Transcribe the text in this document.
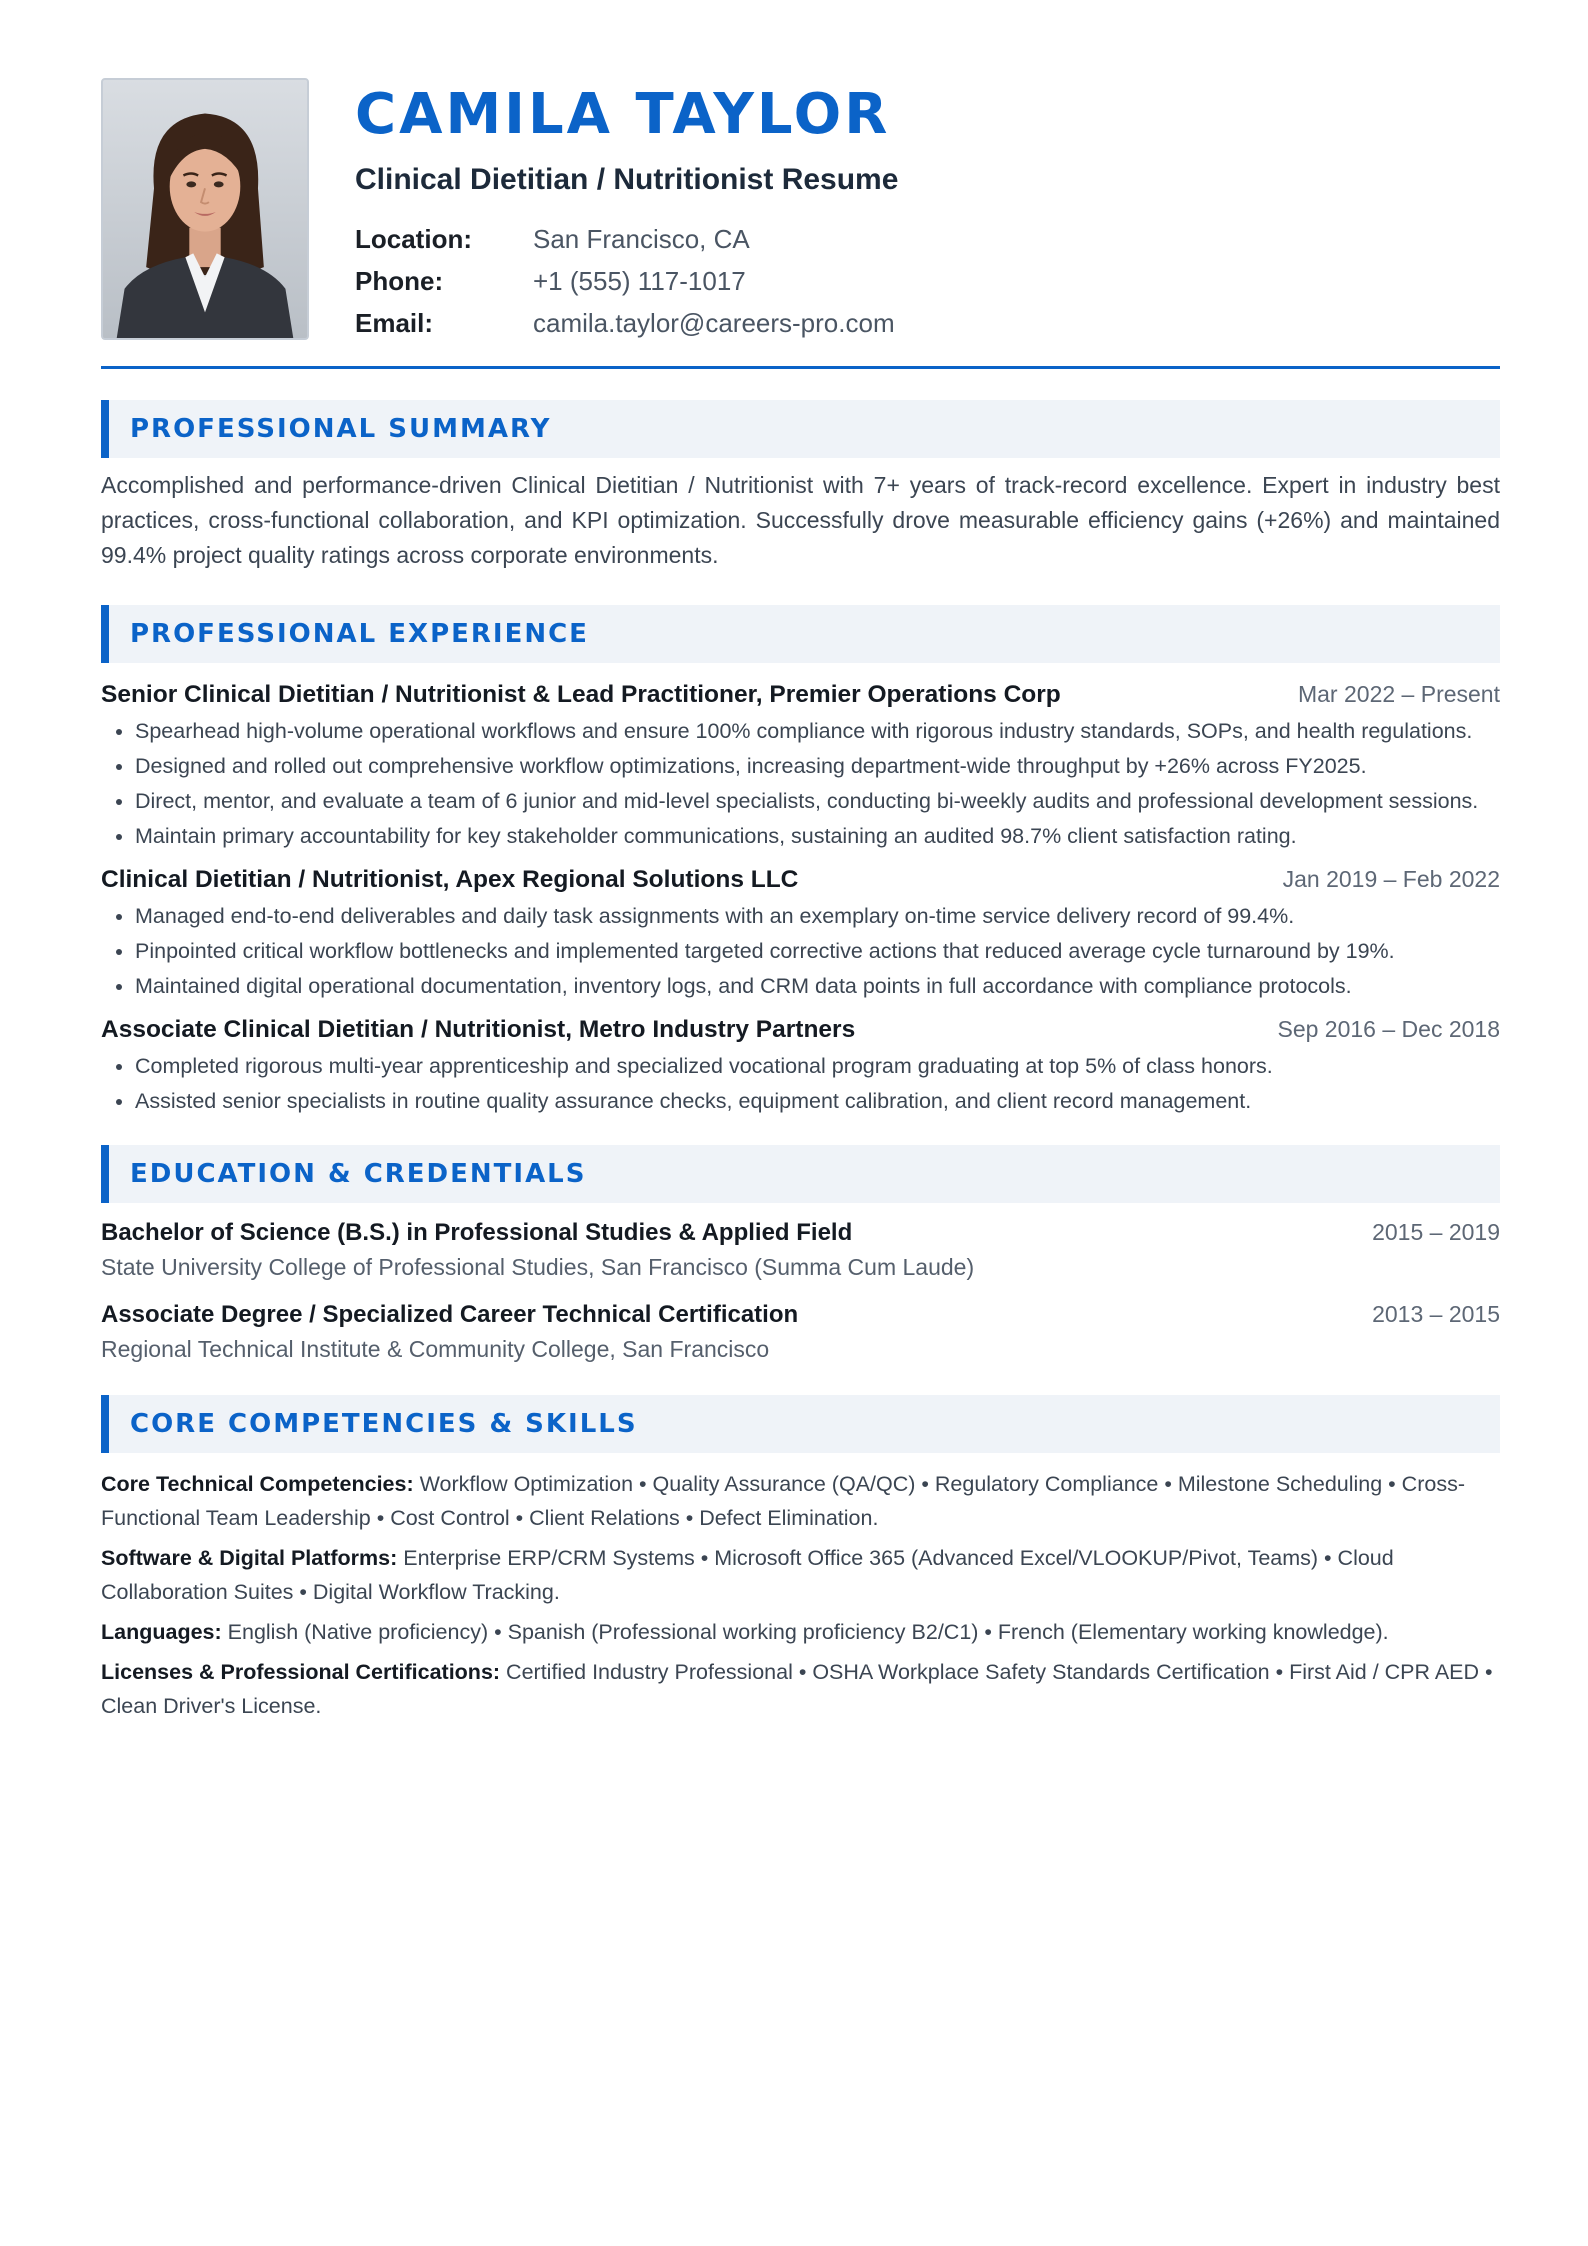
CAMILA TAYLOR
Clinical Dietitian / Nutritionist Resume
Location:	San Francisco, CA
Phone:	+1 (555) 117-1017
Email:	camila.taylor@careers-pro.com
PROFESSIONAL SUMMARY
Accomplished and performance-driven Clinical Dietitian / Nutritionist with 7+ years of track-record excellence. Expert in industry best practices, cross-functional collaboration, and KPI optimization. Successfully drove measurable efficiency gains (+26%) and maintained 99.4% project quality ratings across corporate environments.
PROFESSIONAL EXPERIENCE
Senior Clinical Dietitian / Nutritionist & Lead Practitioner, Premier Operations Corp	Mar 2022 – Present
• Spearhead high-volume operational workflows and ensure 100% compliance with rigorous industry standards, SOPs, and health regulations.
• Designed and rolled out comprehensive workflow optimizations, increasing department-wide throughput by +26% across FY2025.
• Direct, mentor, and evaluate a team of 6 junior and mid-level specialists, conducting bi-weekly audits and professional development sessions.
• Maintain primary accountability for key stakeholder communications, sustaining an audited 98.7% client satisfaction rating.
Clinical Dietitian / Nutritionist, Apex Regional Solutions LLC	Jan 2019 – Feb 2022
• Managed end-to-end deliverables and daily task assignments with an exemplary on-time service delivery record of 99.4%.
• Pinpointed critical workflow bottlenecks and implemented targeted corrective actions that reduced average cycle turnaround by 19%.
• Maintained digital operational documentation, inventory logs, and CRM data points in full accordance with compliance protocols.
Associate Clinical Dietitian / Nutritionist, Metro Industry Partners	Sep 2016 – Dec 2018
• Completed rigorous multi-year apprenticeship and specialized vocational program graduating at top 5% of class honors.
• Assisted senior specialists in routine quality assurance checks, equipment calibration, and client record management.
EDUCATION & CREDENTIALS
Bachelor of Science (B.S.) in Professional Studies & Applied Field	2015 – 2019
State University College of Professional Studies, San Francisco (Summa Cum Laude)
Associate Degree / Specialized Career Technical Certification	2013 – 2015
Regional Technical Institute & Community College, San Francisco
CORE COMPETENCIES & SKILLS
Core Technical Competencies: Workflow Optimization • Quality Assurance (QA/QC) • Regulatory Compliance • Milestone Scheduling • Cross-Functional Team Leadership • Cost Control • Client Relations • Defect Elimination.
Software & Digital Platforms: Enterprise ERP/CRM Systems • Microsoft Office 365 (Advanced Excel/VLOOKUP/Pivot, Teams) • Cloud Collaboration Suites • Digital Workflow Tracking.
Languages: English (Native proficiency) • Spanish (Professional working proficiency B2/C1) • French (Elementary working knowledge).
Licenses & Professional Certifications: Certified Industry Professional • OSHA Workplace Safety Standards Certification • First Aid / CPR AED • Clean Driver's License.
